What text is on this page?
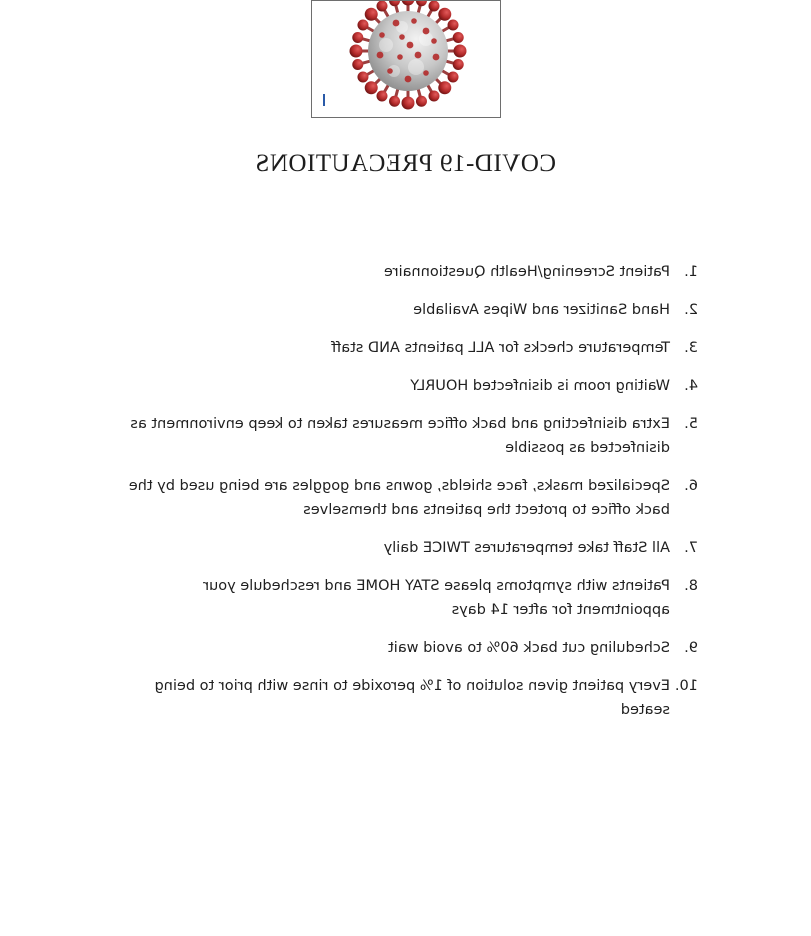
COVID-19 PRECAUTIONS
1.
Patient Screening/Health Questionnaire
2.
Hand Sanitizer and Wipes Available
3.
Temperature checks for ALL patients AND staff
4.
Waiting room is disinfected HOURLY
5.
Extra disinfecting and back office measures taken to keep environment as disinfected as possible
6.
Specialized masks, face shields, gowns and goggles are being used by the back office to protect the patients and themselves
7.
All Staff take temperatures TWICE daily
8.
Patients with symptoms please STAY HOME and reschedule your appointment for after 14 days
9.
Scheduling cut back 60% to avoid wait
10.
Every patient given solution of 1% peroxide to rinse with prior to being seated
